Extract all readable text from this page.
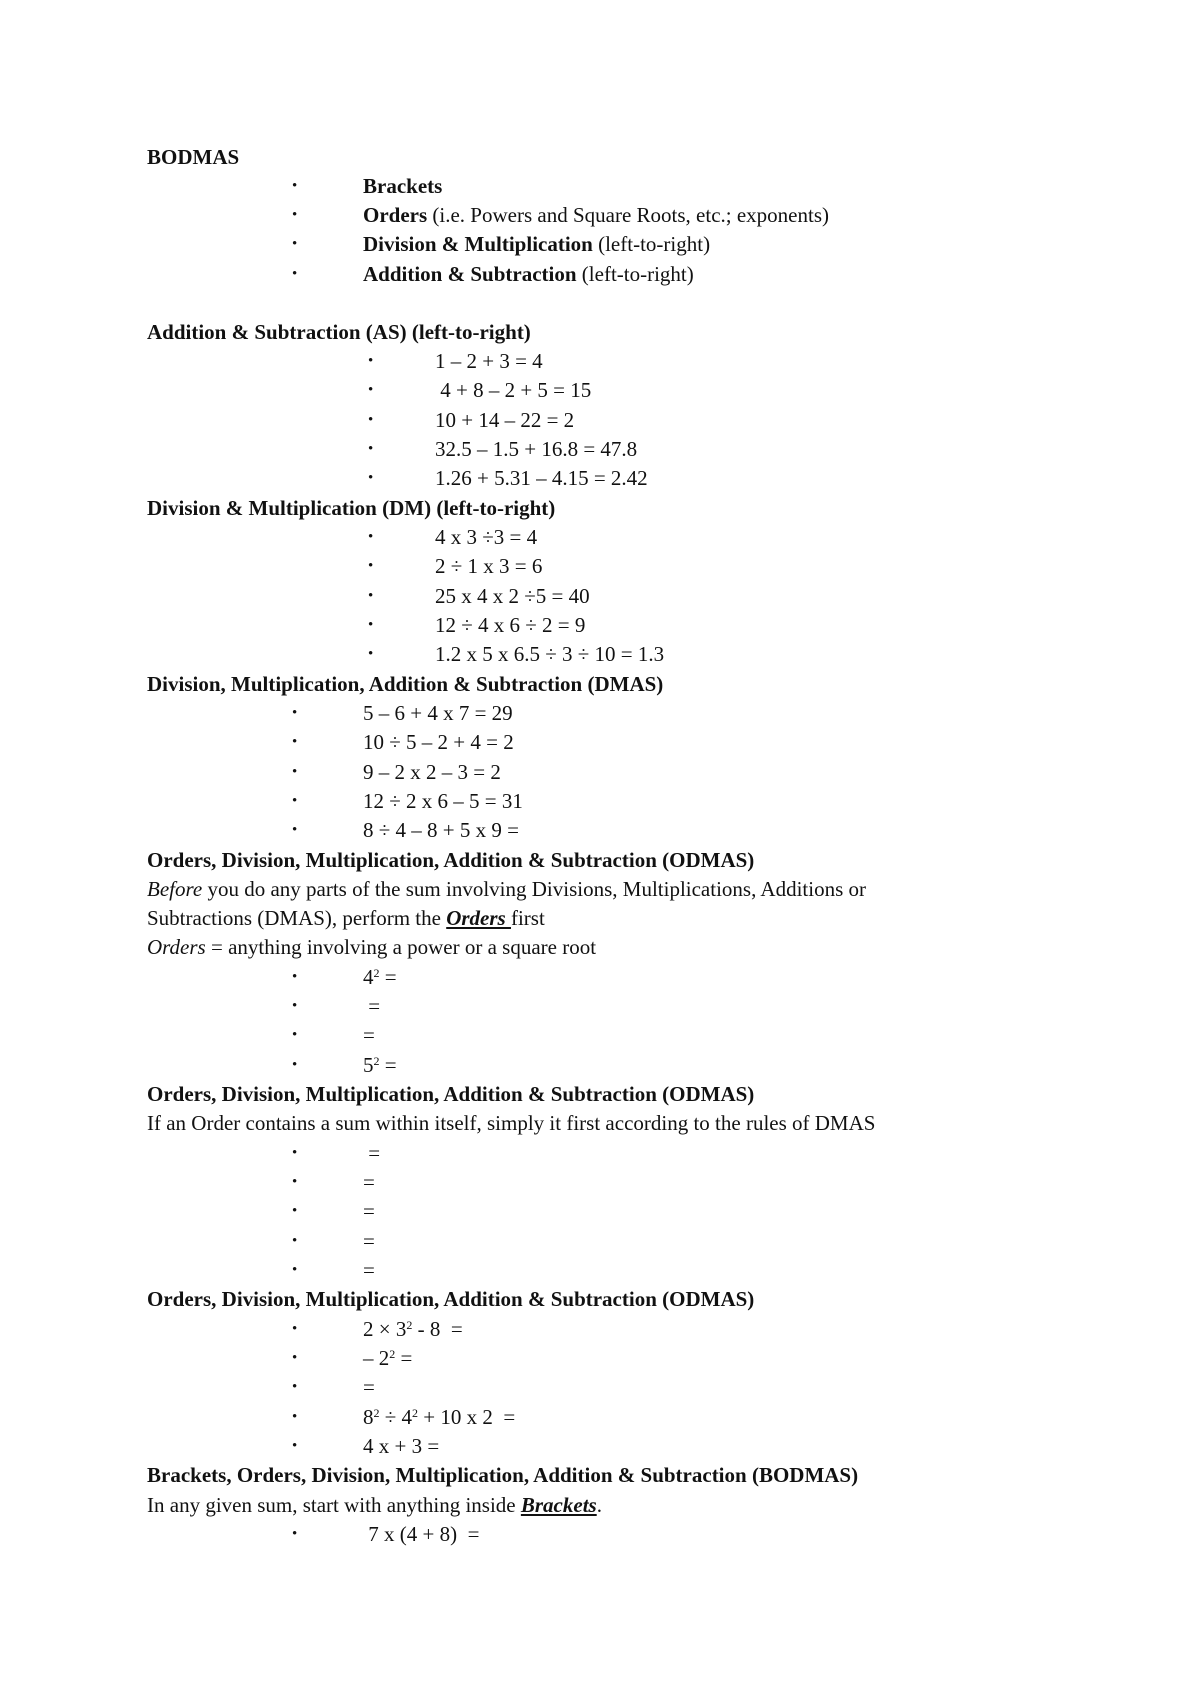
BODMAS
•	Brackets
•	Orders (i.e. Powers and Square Roots, etc.; exponents)
•	Division & Multiplication (left-to-right)
•	Addition & Subtraction (left-to-right)
Addition & Subtraction (AS) (left-to-right)
•	1 – 2 + 3 = 4
•	4 + 8 – 2 + 5 = 15
•	10 + 14 – 22 = 2
•	32.5 – 1.5 + 16.8 = 47.8
•	1.26 + 5.31 – 4.15 = 2.42
Division & Multiplication (DM) (left-to-right)
•	4 x 3 ÷3 = 4
•	2 ÷ 1 x 3 = 6
•	25 x 4 x 2 ÷5 = 40
•	12 ÷ 4 x 6 ÷ 2 = 9
•	1.2 x 5 x 6.5 ÷ 3 ÷ 10 = 1.3
Division, Multiplication, Addition & Subtraction (DMAS)
•	5 – 6 + 4 x 7 = 29
•	10 ÷ 5 – 2 + 4 = 2
•	9 – 2 x 2 – 3 = 2
•	12 ÷ 2 x 6 – 5 = 31
•	8 ÷ 4 – 8 + 5 x 9 =
Orders, Division, Multiplication, Addition & Subtraction (ODMAS)
Before you do any parts of the sum involving Divisions, Multiplications, Additions or
Subtractions (DMAS), perform the Orders first
Orders = anything involving a power or a square root
•	$4^2$ =
•	=
•	=
•	$5^2$ =
Orders, Division, Multiplication, Addition & Subtraction (ODMAS)
If an Order contains a sum within itself, simply it first according to the rules of DMAS
•	=
•	=
•	=
•	=
•	=
Orders, Division, Multiplication, Addition & Subtraction (ODMAS)
•	$2 \times 3^2 - 8$  =
•	– $2^2$ =
•	=
•	$8^2 \div 4^2 + 10$ x 2  =
•	4 x + 3 =
Brackets, Orders, Division, Multiplication, Addition & Subtraction (BODMAS)
In any given sum, start with anything inside Brackets.
•	7 x (4 + 8)  =
